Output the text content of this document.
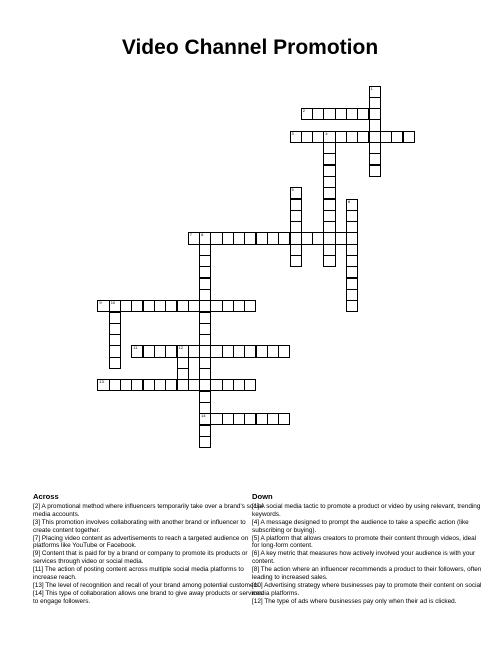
Video Channel Promotion
1
2
3	4
5
6
7 8
14
9 10
11	12
13
Across

[2] A promotional method where influencers temporarily take over a brand's social media accounts.

[3] This promotion involves collaborating with another brand or influencer to create content together.

[7] Placing video content as advertisements to reach a targeted audience on platforms like YouTube or Facebook.

[9] Content that is paid for by a brand or company to promote its products or services through video or social media.

[11] The action of posting content across multiple social media platforms to increase reach.

[13] The level of recognition and recall of your brand among potential customers.

[14] This type of collaboration allows one brand to give away products or services to engage followers.

Down

[1] A social media tactic to promote a product or video by using relevant, trending keywords.

[4] A message designed to prompt the audience to take a specific action (like subscribing or buying).

[5] A platform that allows creators to promote their content through videos, ideal for long-form content.

[6] A key metric that measures how actively involved your audience is with your content.

[8] The action where an influencer recommends a product to their followers, often leading to increased sales.

[10] Advertising strategy where businesses pay to promote their content on social media platforms.

[12] The type of ads where businesses pay only when their ad is clicked.
